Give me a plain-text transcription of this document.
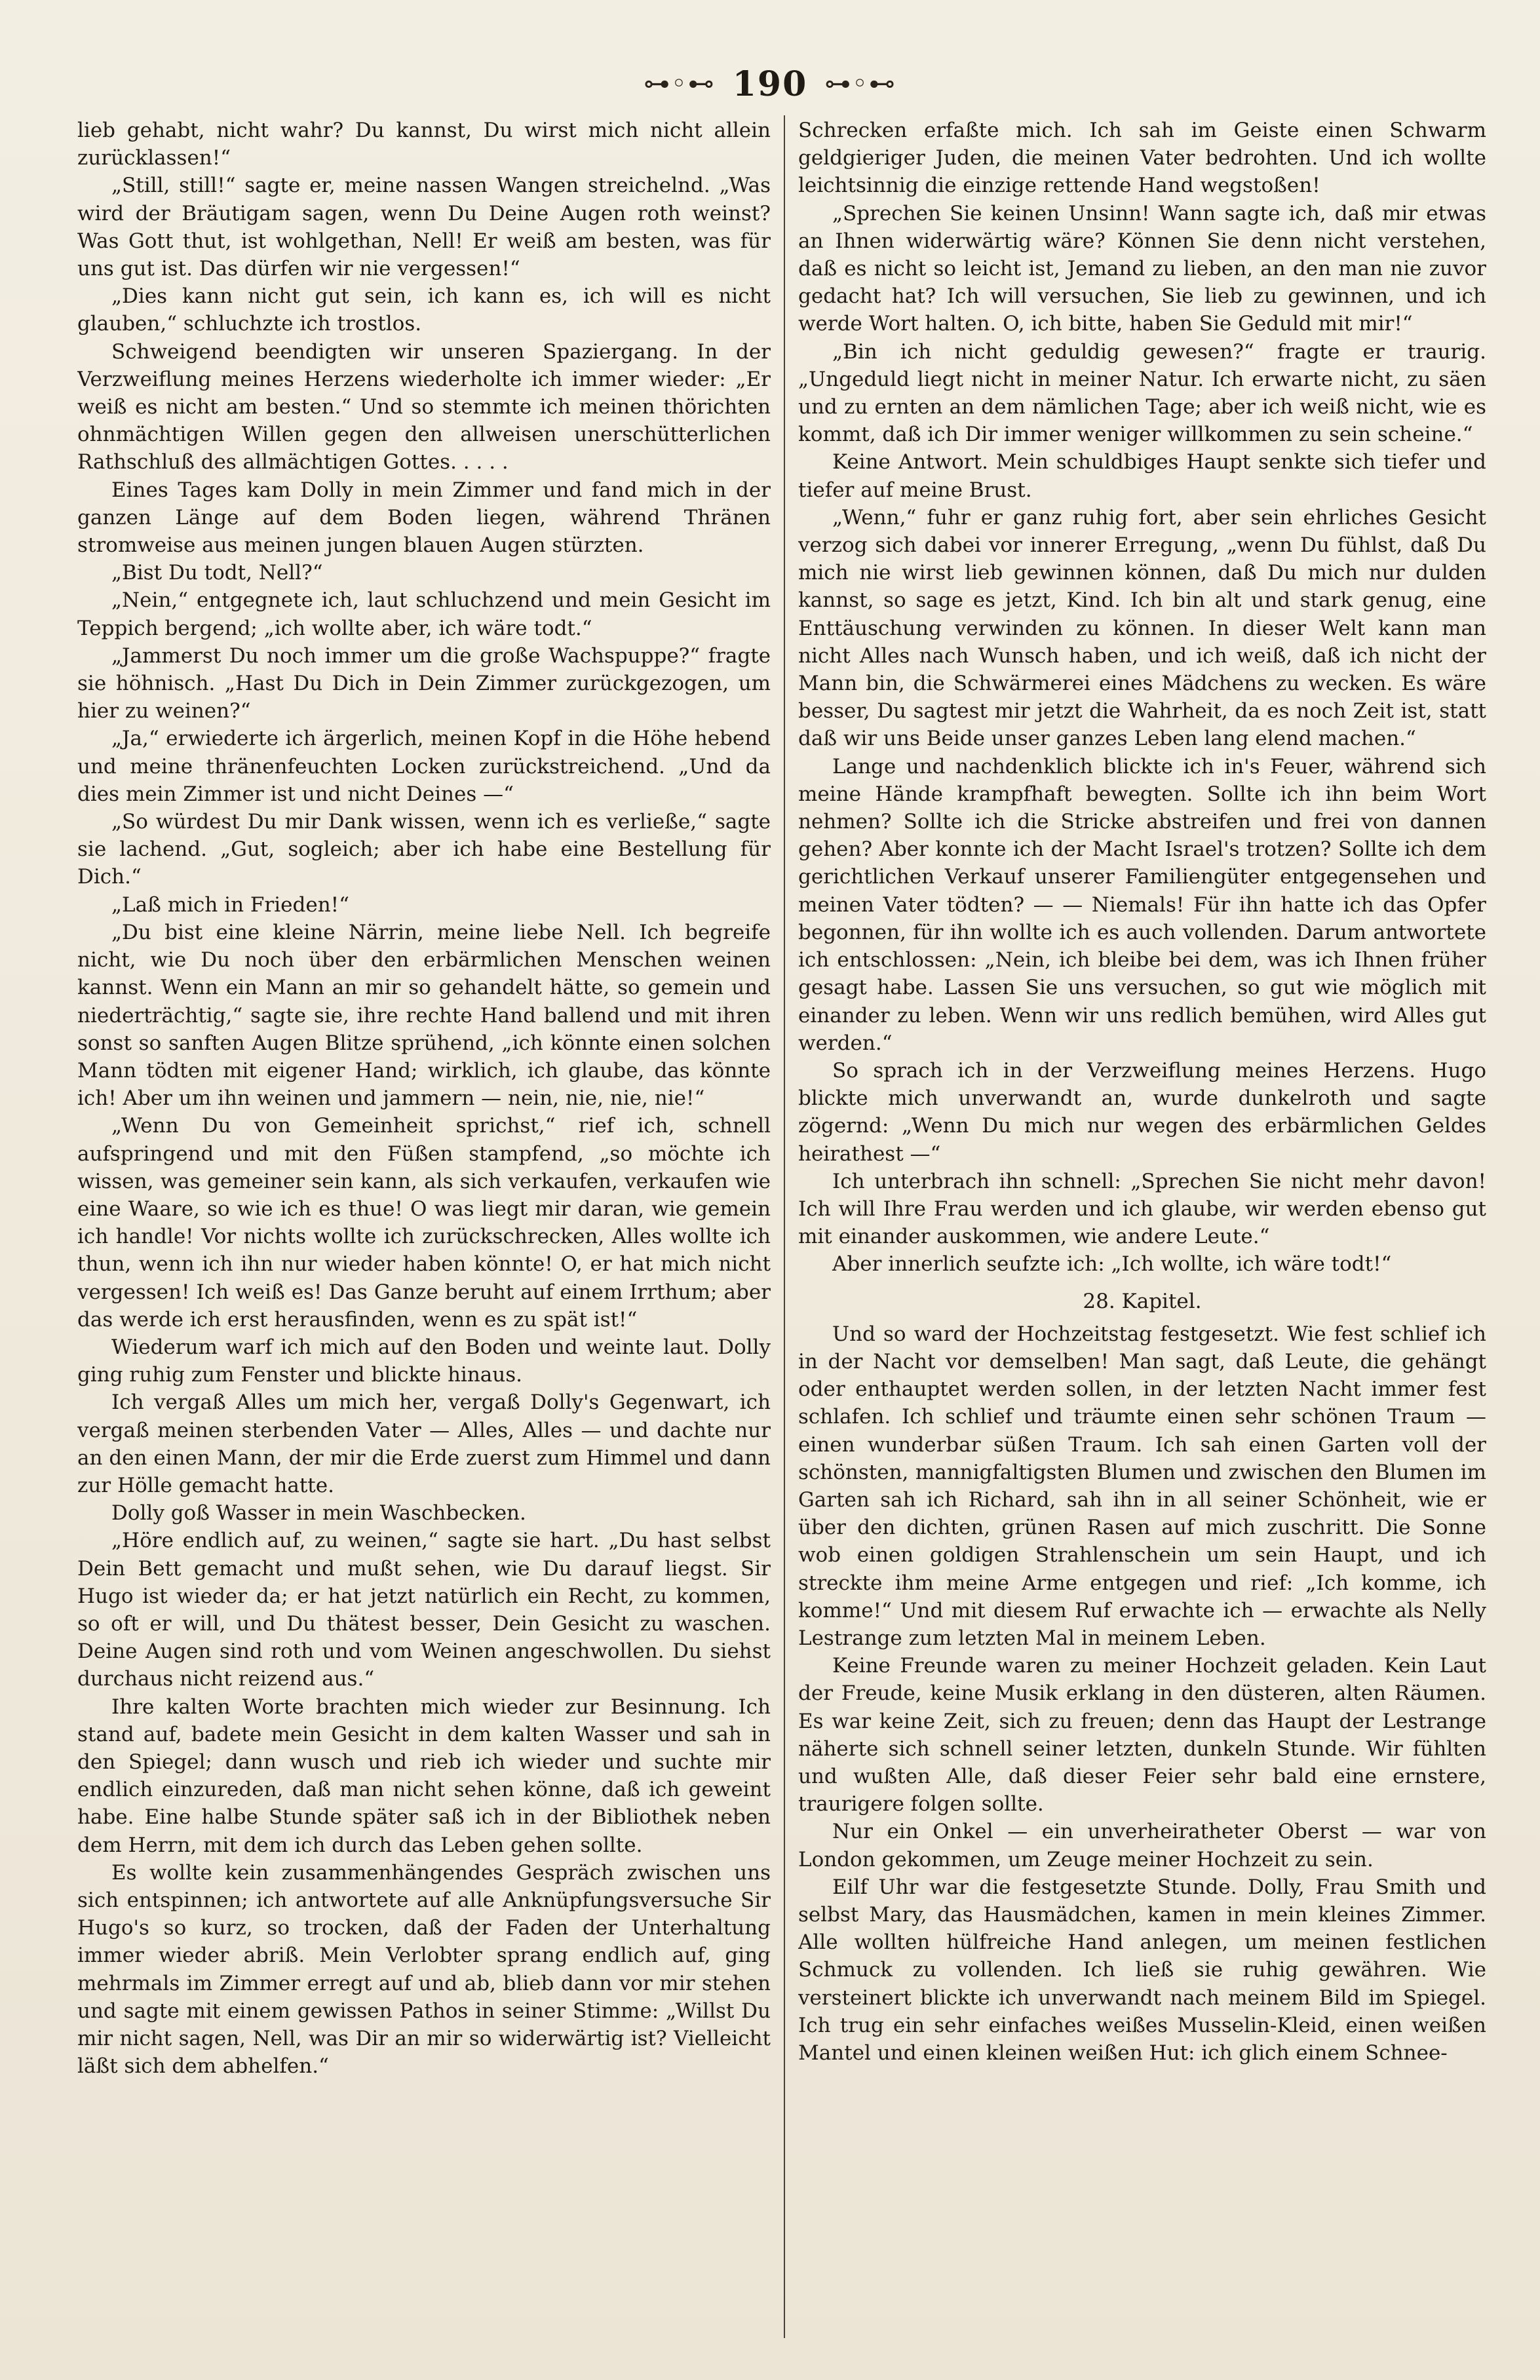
⊶◦⊷ 190 ⊶◦⊷

lieb gehabt, nicht wahr? Du kannst, Du wirst mich nicht allein zurücklassen!“

„Still, still!“ sagte er, meine nassen Wangen streichelnd. „Was wird der Bräutigam sagen, wenn Du Deine Augen roth weinst? Was Gott thut, ist wohlgethan, Nell! Er weiß am besten, was für uns gut ist. Das dürfen wir nie vergessen!“

„Dies kann nicht gut sein, ich kann es, ich will es nicht glauben,“ schluchzte ich trostlos.

Schweigend beendigten wir unseren Spaziergang. In der Verzweiflung meines Herzens wiederholte ich immer wieder: „Er weiß es nicht am besten.“ Und so stemmte ich meinen thörichten ohnmächtigen Willen gegen den allweisen unerschütterlichen Rathschluß des allmächtigen Gottes. . . . .

Eines Tages kam Dolly in mein Zimmer und fand mich in der ganzen Länge auf dem Boden liegen, während Thränen stromweise aus meinen jungen blauen Augen stürzten.

„Bist Du todt, Nell?“

„Nein,“ entgegnete ich, laut schluchzend und mein Gesicht im Teppich bergend; „ich wollte aber, ich wäre todt.“

„Jammerst Du noch immer um die große Wachspuppe?“ fragte sie höhnisch. „Hast Du Dich in Dein Zimmer zurückgezogen, um hier zu weinen?“

„Ja,“ erwiederte ich ärgerlich, meinen Kopf in die Höhe hebend und meine thränenfeuchten Locken zurückstreichend. „Und da dies mein Zimmer ist und nicht Deines —“

„So würdest Du mir Dank wissen, wenn ich es verließe,“ sagte sie lachend. „Gut, sogleich; aber ich habe eine Bestellung für Dich.“

„Laß mich in Frieden!“

„Du bist eine kleine Närrin, meine liebe Nell. Ich begreife nicht, wie Du noch über den erbärmlichen Menschen weinen kannst. Wenn ein Mann an mir so gehandelt hätte, so gemein und niederträchtig,“ sagte sie, ihre rechte Hand ballend und mit ihren sonst so sanften Augen Blitze sprühend, „ich könnte einen solchen Mann tödten mit eigener Hand; wirklich, ich glaube, das könnte ich! Aber um ihn weinen und jammern — nein, nie, nie, nie!“

„Wenn Du von Gemeinheit sprichst,“ rief ich, schnell aufspringend und mit den Füßen stampfend, „so möchte ich wissen, was gemeiner sein kann, als sich verkaufen, verkaufen wie eine Waare, so wie ich es thue! O was liegt mir daran, wie gemein ich handle! Vor nichts wollte ich zurückschrecken, Alles wollte ich thun, wenn ich ihn nur wieder haben könnte! O, er hat mich nicht vergessen! Ich weiß es! Das Ganze beruht auf einem Irrthum; aber das werde ich erst herausfinden, wenn es zu spät ist!“

Wiederum warf ich mich auf den Boden und weinte laut. Dolly ging ruhig zum Fenster und blickte hinaus.

Ich vergaß Alles um mich her, vergaß Dolly's Gegenwart, ich vergaß meinen sterbenden Vater — Alles, Alles — und dachte nur an den einen Mann, der mir die Erde zuerst zum Himmel und dann zur Hölle gemacht hatte.

Dolly goß Wasser in mein Waschbecken.

„Höre endlich auf, zu weinen,“ sagte sie hart. „Du hast selbst Dein Bett gemacht und mußt sehen, wie Du darauf liegst. Sir Hugo ist wieder da; er hat jetzt natürlich ein Recht, zu kommen, so oft er will, und Du thätest besser, Dein Gesicht zu waschen. Deine Augen sind roth und vom Weinen angeschwollen. Du siehst durchaus nicht reizend aus.“

Ihre kalten Worte brachten mich wieder zur Besinnung. Ich stand auf, badete mein Gesicht in dem kalten Wasser und sah in den Spiegel; dann wusch und rieb ich wieder und suchte mir endlich einzureden, daß man nicht sehen könne, daß ich geweint habe. Eine halbe Stunde später saß ich in der Bibliothek neben dem Herrn, mit dem ich durch das Leben gehen sollte.

Es wollte kein zusammenhängendes Gespräch zwischen uns sich entspinnen; ich antwortete auf alle Anknüpfungsversuche Sir Hugo's so kurz, so trocken, daß der Faden der Unterhaltung immer wieder abriß. Mein Verlobter sprang endlich auf, ging mehrmals im Zimmer erregt auf und ab, blieb dann vor mir stehen und sagte mit einem gewissen Pathos in seiner Stimme: „Willst Du mir nicht sagen, Nell, was Dir an mir so widerwärtig ist? Vielleicht läßt sich dem abhelfen.“

Schrecken erfaßte mich. Ich sah im Geiste einen Schwarm geldgieriger Juden, die meinen Vater bedrohten. Und ich wollte leichtsinnig die einzige rettende Hand wegstoßen!

„Sprechen Sie keinen Unsinn! Wann sagte ich, daß mir etwas an Ihnen widerwärtig wäre? Können Sie denn nicht verstehen, daß es nicht so leicht ist, Jemand zu lieben, an den man nie zuvor gedacht hat? Ich will versuchen, Sie lieb zu gewinnen, und ich werde Wort halten. O, ich bitte, haben Sie Geduld mit mir!“

„Bin ich nicht geduldig gewesen?“ fragte er traurig. „Ungeduld liegt nicht in meiner Natur. Ich erwarte nicht, zu säen und zu ernten an dem nämlichen Tage; aber ich weiß nicht, wie es kommt, daß ich Dir immer weniger willkommen zu sein scheine.“

Keine Antwort. Mein schuldbiges Haupt senkte sich tiefer und tiefer auf meine Brust.

„Wenn,“ fuhr er ganz ruhig fort, aber sein ehrliches Gesicht verzog sich dabei vor innerer Erregung, „wenn Du fühlst, daß Du mich nie wirst lieb gewinnen können, daß Du mich nur dulden kannst, so sage es jetzt, Kind. Ich bin alt und stark genug, eine Enttäuschung verwinden zu können. In dieser Welt kann man nicht Alles nach Wunsch haben, und ich weiß, daß ich nicht der Mann bin, die Schwärmerei eines Mädchens zu wecken. Es wäre besser, Du sagtest mir jetzt die Wahrheit, da es noch Zeit ist, statt daß wir uns Beide unser ganzes Leben lang elend machen.“

Lange und nachdenklich blickte ich in's Feuer, während sich meine Hände krampfhaft bewegten. Sollte ich ihn beim Wort nehmen? Sollte ich die Stricke abstreifen und frei von dannen gehen? Aber konnte ich der Macht Israel's trotzen? Sollte ich dem gerichtlichen Verkauf unserer Familiengüter entgegensehen und meinen Vater tödten? — — Niemals! Für ihn hatte ich das Opfer begonnen, für ihn wollte ich es auch vollenden. Darum antwortete ich entschlossen: „Nein, ich bleibe bei dem, was ich Ihnen früher gesagt habe. Lassen Sie uns versuchen, so gut wie möglich mit einander zu leben. Wenn wir uns redlich bemühen, wird Alles gut werden.“

So sprach ich in der Verzweiflung meines Herzens. Hugo blickte mich unverwandt an, wurde dunkelroth und sagte zögernd: „Wenn Du mich nur wegen des erbärmlichen Geldes heirathest —“

Ich unterbrach ihn schnell: „Sprechen Sie nicht mehr davon! Ich will Ihre Frau werden und ich glaube, wir werden ebenso gut mit einander auskommen, wie andere Leute.“

Aber innerlich seufzte ich: „Ich wollte, ich wäre todt!“

28. Kapitel.

Und so ward der Hochzeitstag festgesetzt. Wie fest schlief ich in der Nacht vor demselben! Man sagt, daß Leute, die gehängt oder enthauptet werden sollen, in der letzten Nacht immer fest schlafen. Ich schlief und träumte einen sehr schönen Traum — einen wunderbar süßen Traum. Ich sah einen Garten voll der schönsten, mannigfaltigsten Blumen und zwischen den Blumen im Garten sah ich Richard, sah ihn in all seiner Schönheit, wie er über den dichten, grünen Rasen auf mich zuschritt. Die Sonne wob einen goldigen Strahlenschein um sein Haupt, und ich streckte ihm meine Arme entgegen und rief: „Ich komme, ich komme!“ Und mit diesem Ruf erwachte ich — erwachte als Nelly Lestrange zum letzten Mal in meinem Leben.

Keine Freunde waren zu meiner Hochzeit geladen. Kein Laut der Freude, keine Musik erklang in den düsteren, alten Räumen. Es war keine Zeit, sich zu freuen; denn das Haupt der Lestrange näherte sich schnell seiner letzten, dunkeln Stunde. Wir fühlten und wußten Alle, daß dieser Feier sehr bald eine ernstere, traurigere folgen sollte.

Nur ein Onkel — ein unverheiratheter Oberst — war von London gekommen, um Zeuge meiner Hochzeit zu sein.

Eilf Uhr war die festgesetzte Stunde. Dolly, Frau Smith und selbst Mary, das Hausmädchen, kamen in mein kleines Zimmer. Alle wollten hülfreiche Hand anlegen, um meinen festlichen Schmuck zu vollenden. Ich ließ sie ruhig gewähren. Wie versteinert blickte ich unverwandt nach meinem Bild im Spiegel. Ich trug ein sehr einfaches weißes Musselin-Kleid, einen weißen Mantel und einen kleinen weißen Hut: ich glich einem Schnee-
